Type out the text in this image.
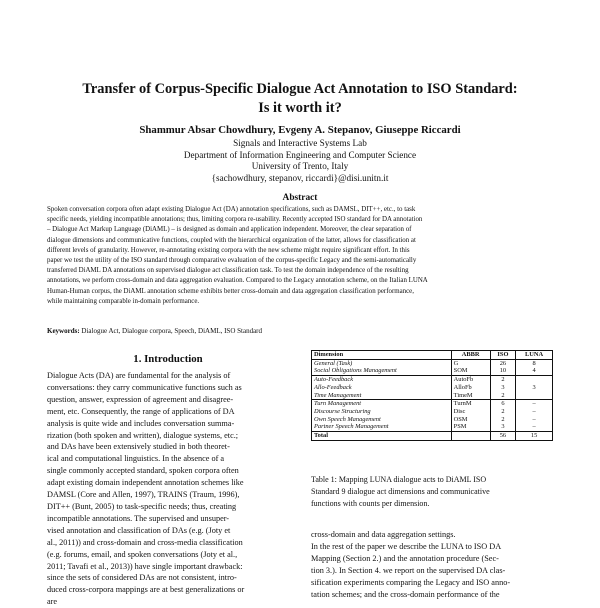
Transfer of Corpus-Specific Dialogue Act Annotation to ISO Standard:
Is it worth it?
Shammur Absar Chowdhury, Evgeny A. Stepanov, Giuseppe Riccardi
Signals and Interactive Systems Lab
Department of Information Engineering and Computer Science
University of Trento, Italy
{sachowdhury, stepanov, riccardi}@disi.unitn.it
Abstract
Spoken conversation corpora often adapt existing Dialogue Act (DA) annotation specifications, such as DAMSL, DIT++, etc., to task
specific needs, yielding incompatible annotations; thus, limiting corpora re-usability. Recently accepted ISO standard for DA annotation
– Dialogue Act Markup Language (DiAML) – is designed as domain and application independent. Moreover, the clear separation of
dialogue dimensions and communicative functions, coupled with the hierarchical organization of the latter, allows for classification at
different levels of granularity. However, re-annotating existing corpora with the new scheme might require significant effort. In this
paper we test the utility of the ISO standard through comparative evaluation of the corpus-specific Legacy and the semi-automatically
transferred DiAML DA annotations on supervised dialogue act classification task. To test the domain independence of the resulting
annotations, we perform cross-domain and data aggregation evaluation. Compared to the Legacy annotation scheme, on the Italian LUNA
Human-Human corpus, the DiAML annotation scheme exhibits better cross-domain and data aggregation classification performance,
while maintaining comparable in-domain performance.
Keywords: Dialogue Act, Dialogue corpora, Speech, DiAML, ISO Standard
1. Introduction
Dialogue Acts (DA) are fundamental for the analysis of
conversations: they carry communicative functions such as
question, answer, expression of agreement and disagree-
ment, etc. Consequently, the range of applications of DA
analysis is quite wide and includes conversation summa-
rization (both spoken and written), dialogue systems, etc.;
and DAs have been extensively studied in both theoret-
ical and computational linguistics. In the absence of a
single commonly accepted standard, spoken corpora often
adapt existing domain independent annotation schemes like
DAMSL (Core and Allen, 1997), TRAINS (Traum, 1996),
DIT++ (Bunt, 2005) to task-specific needs; thus, creating
incompatible annotations. The supervised and unsuper-
vised annotation and classification of DAs (e.g. (Joty et
al., 2011)) and cross-domain and cross-media classification
(e.g. forums, email, and spoken conversations (Joty et al.,
2011; Tavafi et al., 2013)) have single important drawback:
since the sets of considered DAs are not consistent, intro-
duced cross-corpora mappings are at best generalizations or
are
Dimension	ABBR	ISO	LUNA
General (Task)	G	26	8
Social Obligations Management	SOM	10	4
Auto-Feedback	AutoFb	2	
Allo-Feedback	AlloFb	3	3
Time Management	TimeM	2	
Turn Management	TurnM	6	–
Discourse Structuring	Disc	2	–
Own Speech Management	OSM	2	–
Partner Speech Management	PSM	3	–
Total		56	15
Table 1: Mapping LUNA dialogue acts to DiAML ISO
Standard 9 dialogue act dimensions and communicative
functions with counts per dimension.
cross-domain and data aggregation settings.
In the rest of the paper we describe the LUNA to ISO DA
Mapping (Section 2.) and the annotation procedure (Sec-
tion 3.). In Section 4. we report on the supervised DA clas-
sification experiments comparing the Legacy and ISO anno-
tation schemes; and the cross-domain performance of the
